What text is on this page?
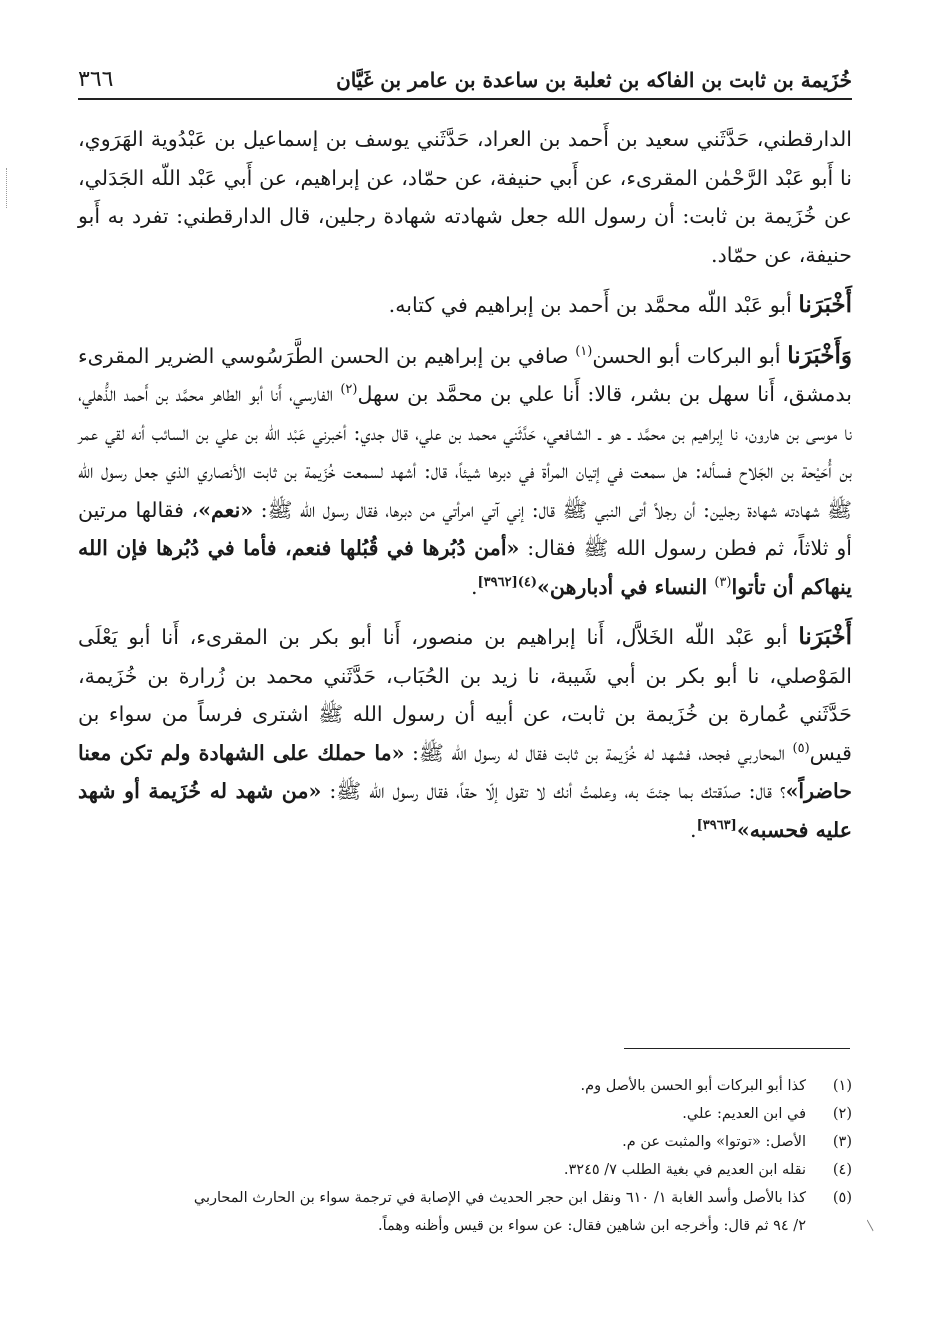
خُزَيمة بن ثابت بن الفاكه بن ثعلبة بن ساعدة بن عامر بن غَيَّان
٣٦٦

الدارقطني، حَدَّثَني سعيد بن أَحمد بن العراد، حَدَّثَني يوسف بن إسماعيل بن عَبْدُوية الهَرَوي، نا أَبو عَبْد الرَّحْمٰن المقرىء، عن أَبي حنيفة، عن حمّاد، عن إبراهيم، عن أَبي عَبْد اللّه الجَدَلي، عن خُزَيمة بن ثابت: أن رسول الله جعل شهادته شهادة رجلين، قال الدارقطني: تفرد به أَبو حنيفة، عن حمّاد.

أَخْبَرَنا أبو عَبْد اللّه محمَّد بن أَحمد بن إبراهيم في كتابه.

وَأَخْبَرَنا أبو البركات أبو الحسن$^{(١)}$ صافي بن إبراهيم بن الحسن الطَّرَسُوسي الضرير المقرىء بدمشق، أَنا سهل بن بشر، قالا: أَنا علي بن محمَّد بن سهل$^{(٢)}$ الفارسي، أَنا أبو الطاهر محمَّد بن أَحمد الذُّهلي، نا موسى بن هارون، نا إبراهيم بن محمَّد ـ هو ـ الشافعي، حَدَّثَني محمد بن علي، قال جدي: أخبرني عَبْد اللّه بن علي بن السائب أنه لقي عمر بن أُحَيْحة بن الجَلاح فسأله: هل سمعت في إتيان المرأة في دبرها شيئاً، قال: أشهد لسمعت خُزَيمة بن ثابت الأنصاري الذي جعل رسول الله ﷺ شهادته شهادة رجلين: أن رجلاً أتى النبي ﷺ قال: إني آتي امرأتي من دبرها، فقال رسول الله ﷺ: «نعم»، فقالها مرتين أو ثلاثاً، ثم فطن رسول الله ﷺ فقال: «أمن دُبُرها في قُبُلها فنعم، فأما في دُبُرها فإن الله ينهاكم أن تأتوا$^{(٣)}$ النساء في أدبارهن»$^{(٤)[٣٩٦٢]}$.

أَخْبَرَنا أبو عَبْد اللّه الخَلاَّل، أَنا إبراهيم بن منصور، أَنا أبو بكر بن المقرىء، أَنا أبو يَعْلَى المَوْصلي، نا أبو بكر بن أبي شَيبة، نا زيد بن الحُبَاب، حَدَّثَني محمد بن زُرارة بن خُزَيمة، حَدَّثَني عُمارة بن خُزَيمة بن ثابت، عن أبيه أن رسول الله ﷺ اشترى فرساً من سواء بن قيس$^{(٥)}$ المحاربي فجحد، فشهد له خُزَيمة بن ثابت فقال له رسول الله ﷺ: «ما حملك على الشهادة ولم تكن معنا حاضراً»؟ قال: صدّقتك بما جئتَ به، وعلمتُ أنك لا تقول إلّا حقاً، فقال رسول الله ﷺ: «من شهد له خُزَيمة أو شهد عليه فحسبه»[٣٩٦٣].

(١)
كذا أبو البركات أبو الحسن بالأصل وم.
(٢)
في ابن العديم: علي.
(٣)
الأصل: «توتوا» والمثبت عن م.
(٤)
نقله ابن العديم في بغية الطلب ٧/ ٣٢٤٥.
(٥)
كذا بالأصل وأسد الغابة ١/ ٦١٠ ونقل ابن حجر الحديث في الإصابة في ترجمة سواء بن الحارث المحاربي
٢/ ٩٤ ثم قال: وأخرجه ابن شاهين فقال: عن سواء بن قيس وأظنه وهماً.	⁄
